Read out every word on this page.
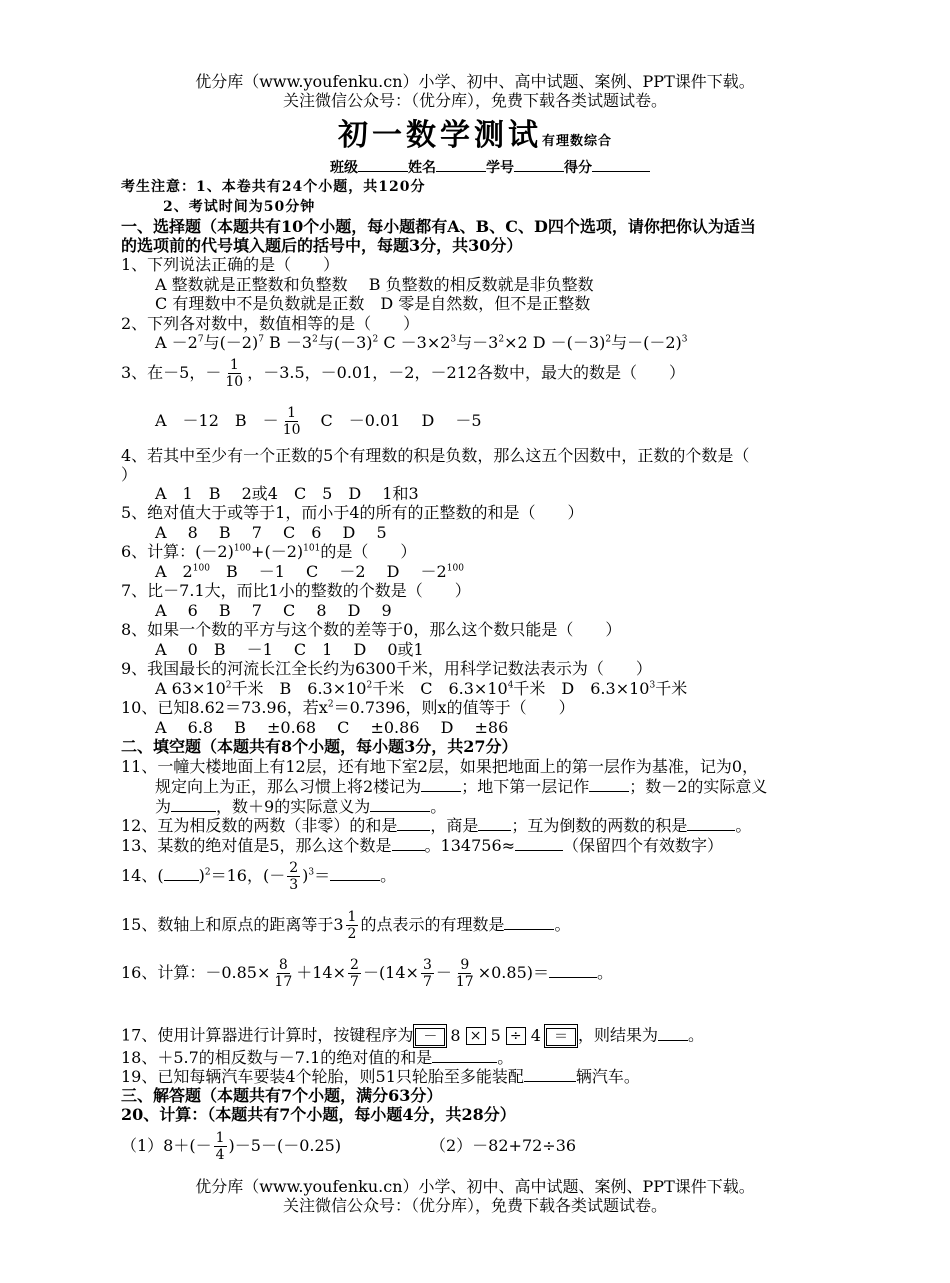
优分库（www.youfenku.cn）小学、初中、高中试题、案例、PPT课件下载。
关注微信公众号：（优分库），免费下载各类试题试卷。
初一数学测试有理数综合
班级	姓名	学号	得分
考生注意：1、本卷共有24个小题，共120分
2、考试时间为50分钟
一、选择题（本题共有10个小题，每小题都有A、B、C、D四个选项，请你把你认为适当
的选项前的代号填入题后的括号中，每题3分，共30分）
1、下列说法正确的是（　　）
A 整数就是正整数和负整数　 B 负整数的相反数就是非负整数
C 有理数中不是负数就是正数　D 零是自然数，但不是正整数
2、下列各对数中，数值相等的是（　　）
$A -2^7$与$(-2)^7$ $B -3^2$与$(-3)^2$ $C -3\times 2^3$与$-3^2\times 2$ $D -(-3)^2$与$-(-2)^3$
3、在－5，－ $\frac{1}{10}$ ，－3.5，－0.01，－2，－212各数中，最大的数是（　　）
A　－12　B　－ $\frac{1}{10}$ 　C　－0.01　 D　 －5
4、若其中至少有一个正数的5个有理数的积是负数，那么这五个因数中，正数的个数是（
）
A　1　B　 2或4　C　5　D　 1和3
5、绝对值大于或等于1，而小于4的所有的正整数的和是（　　）
A　 8　 B　 7　 C　6　 D　 5
6、计算：$(-2)^{100}+(-2)^{101}$的是（　　）
A　$2^{100}$　B　 －1　 C　 －2　 D　 $-2^{100}$
7、比－7.1大，而比1小的整数的个数是（　　）
A　 6　 B　 7　 C　 8　 D　 9
8、如果一个数的平方与这个数的差等于0，那么这个数只能是（　　）
A　 0　B　 －1　 C　1　 D　 0或1
9、我国最长的河流长江全长约为6300千米，用科学记数法表示为（　　）
A $63\times 10^2$千米　B　$6.3\times 10^2$千米　C　$6.3\times 10^4$千米　D　$6.3\times 10^3$千米
10、已知8.62＝73.96，若$x^2=0.7396$，则x的值等于（　　）
A　 6.8　 B　 ±0.68　 C　 ±0.86　 D　 ±86
二、填空题（本题共有8个小题，每小题3分，共27分）
11、一幢大楼地面上有12层，还有地下室2层，如果把地面上的第一层作为基准，记为0，
规定向上为正，那么习惯上将2楼记为	；地下第一层记作	；数－2的实际意义
为	，数＋9的实际意义为	。
12、互为相反数的两数（非零）的和是 ，商是 ；互为倒数的两数的积是	。
13、某数的绝对值是5，那么这个数是 。134756≈	（保留四个有效数字）
14、( )$^2$＝16，(－ $\frac{2}{3} )^3=$	。
15、数轴上和原点的距离等于$3 \frac{1}{2}$ 的点表示的有理数是	。
16、计算：$-0.85\times \frac{8}{17} +14\times \frac{2}{7} -(14\times \frac{3}{7} - \frac{9}{17} \times 0.85)=$	。
17、使用计算器进行计算时，按键程序为 － 8 × 5 ÷ 4 ＝ ，则结果为 。
18、＋5.7的相反数与－7.1的绝对值的和是	。
19、已知每辆汽车要装4个轮胎，则51只轮胎至多能装配	辆汽车。
三、解答题（本题共有7个小题，满分63分）
20、计算：（本题共有7个小题，每小题4分，共28分）
$(1)8+(- \frac{1}{4} )-5-(-0.25)$	（2）－82+72÷36
优分库（www.youfenku.cn）小学、初中、高中试题、案例、PPT课件下载。
关注微信公众号：（优分库），免费下载各类试题试卷。
